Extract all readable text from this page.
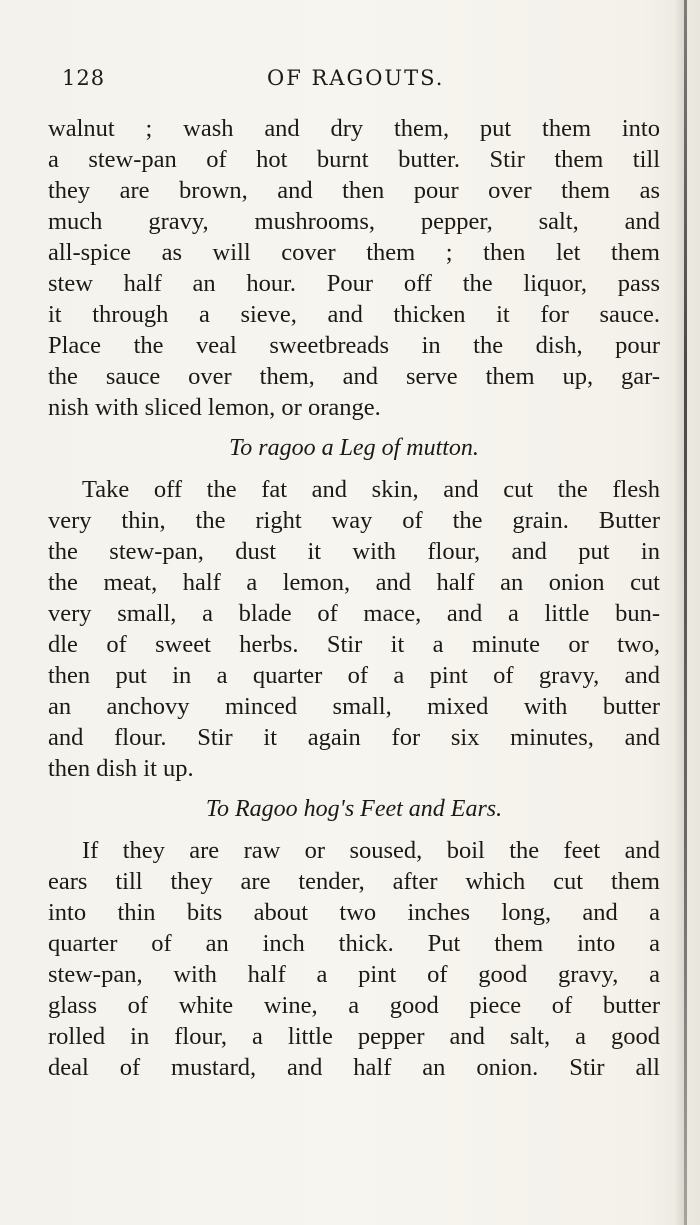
128	OF RAGOUTS.
walnut ; wash and dry them, put them into
a stew-pan of hot burnt butter. Stir them till
they are brown, and then pour over them as
much gravy, mushrooms, pepper, salt, and
all-spice as will cover them ; then let them
stew half an hour. Pour off the liquor, pass
it through a sieve, and thicken it for sauce.
Place the veal sweetbreads in the dish, pour
the sauce over them, and serve them up, gar-
nish with sliced lemon, or orange.
To ragoo a Leg of mutton.
Take off the fat and skin, and cut the flesh
very thin, the right way of the grain. Butter
the stew-pan, dust it with flour, and put in
the meat, half a lemon, and half an onion cut
very small, a blade of mace, and a little bun-
dle of sweet herbs. Stir it a minute or two,
then put in a quarter of a pint of gravy, and
an anchovy minced small, mixed with butter
and flour. Stir it again for six minutes, and
then dish it up.
To Ragoo hog's Feet and Ears.
If they are raw or soused, boil the feet and
ears till they are tender, after which cut them
into thin bits about two inches long, and a
quarter of an inch thick. Put them into a
stew-pan, with half a pint of good gravy, a
glass of white wine, a good piece of butter
rolled in flour, a little pepper and salt, a good
deal of mustard, and half an onion. Stir all
